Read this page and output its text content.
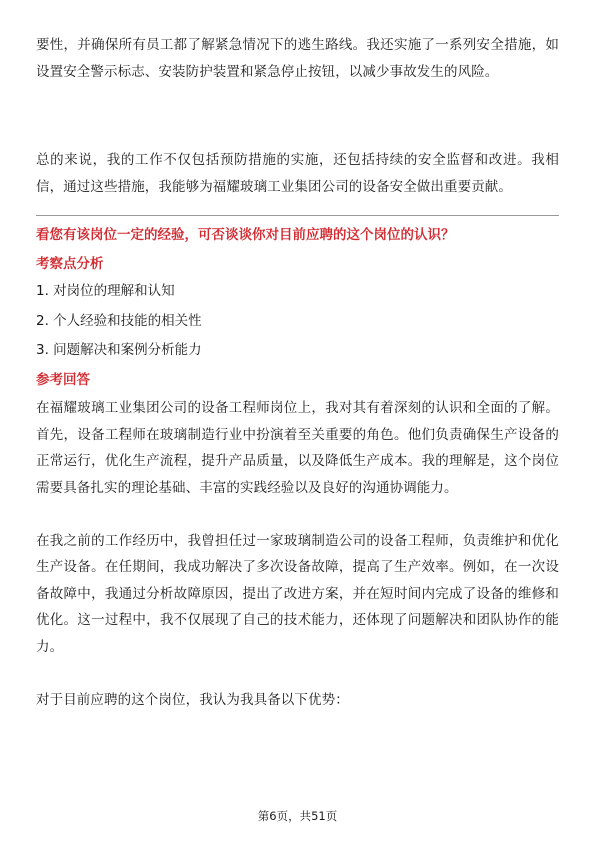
要性，并确保所有员工都了解紧急情况下的逃生路线。我还实施了一系列安全措施，如设置安全警示标志、安装防护装置和紧急停止按钮，以减少事故发生的风险。

总的来说，我的工作不仅包括预防措施的实施，还包括持续的安全监督和改进。我相信，通过这些措施，我能够为福耀玻璃工业集团公司的设备安全做出重要贡献。

看您有该岗位一定的经验，可否谈谈你对目前应聘的这个岗位的认识？

考察点分析

1. 对岗位的理解和认知
2. 个人经验和技能的相关性
3. 问题解决和案例分析能力

参考回答

在福耀玻璃工业集团公司的设备工程师岗位上，我对其有着深刻的认识和全面的了解。首先，设备工程师在玻璃制造行业中扮演着至关重要的角色。他们负责确保生产设备的正常运行，优化生产流程，提升产品质量，以及降低生产成本。我的理解是，这个岗位需要具备扎实的理论基础、丰富的实践经验以及良好的沟通协调能力。

在我之前的工作经历中，我曾担任过一家玻璃制造公司的设备工程师，负责维护和优化生产设备。在任期间，我成功解决了多次设备故障，提高了生产效率。例如，在一次设备故障中，我通过分析故障原因，提出了改进方案，并在短时间内完成了设备的维修和优化。这一过程中，我不仅展现了自己的技术能力，还体现了问题解决和团队协作的能力。

对于目前应聘的这个岗位，我认为我具备以下优势：

第6页，共51页
